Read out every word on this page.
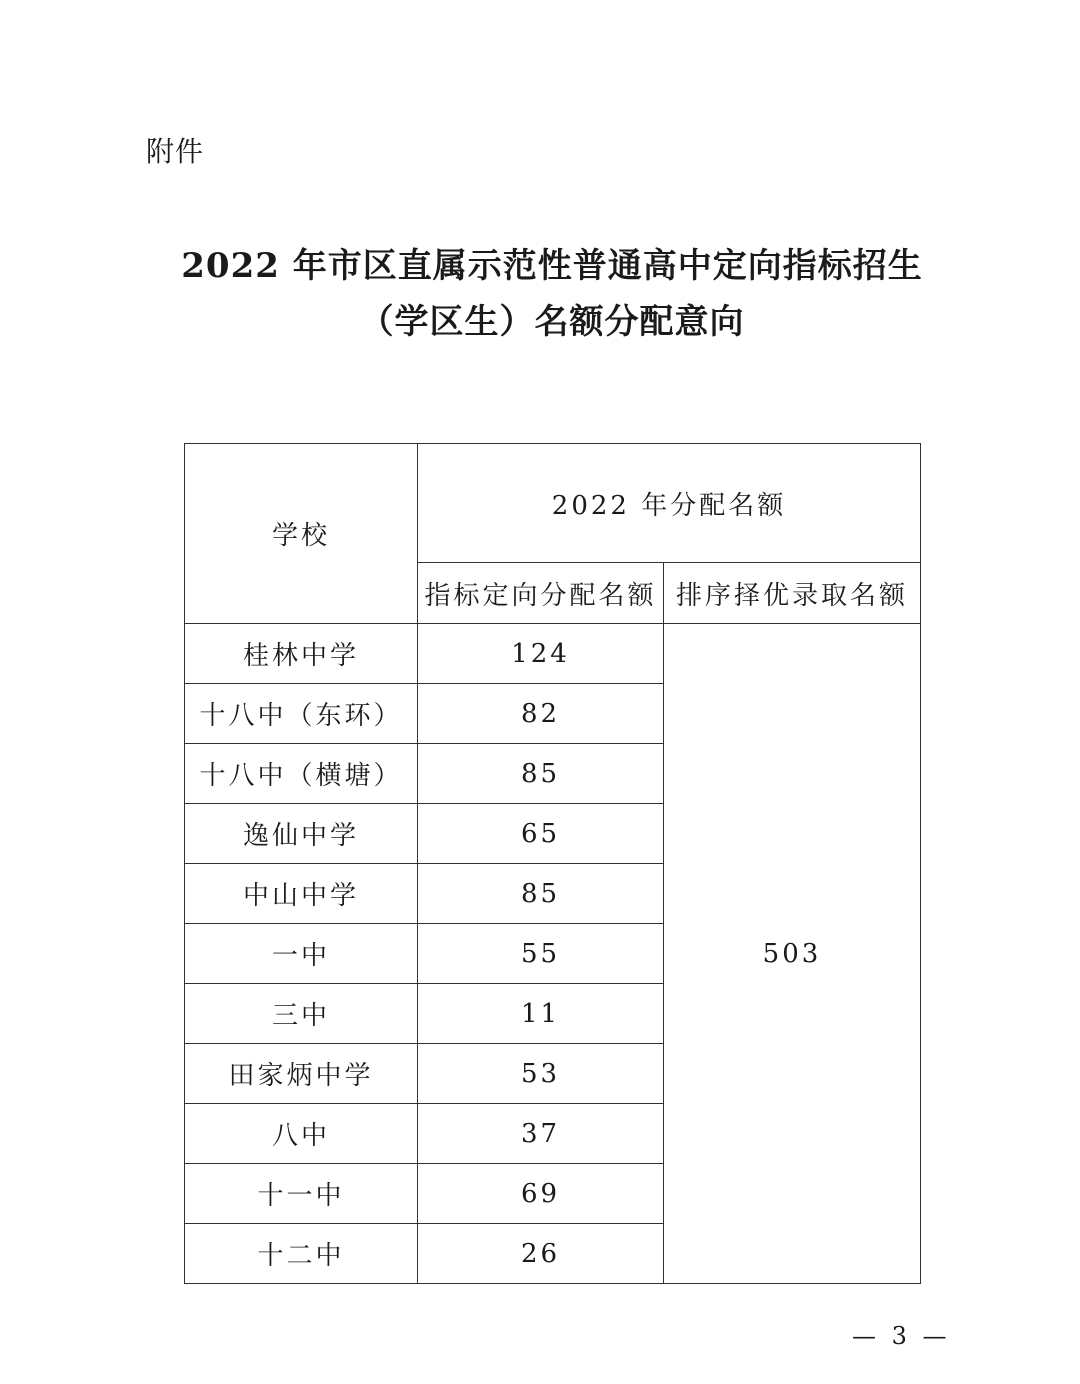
附件
2022 年市区直属示范性普通高中定向指标招生
（学区生）名额分配意向
学校	2022 年分配名额	
	指标定向分配名额	排序择优录取名额
桂林中学	124	503
十八中（东环）	82	
十八中（横塘）	85	
逸仙中学	65	
中山中学	85	
一中	55	
三中	11	
田家炳中学	53	
八中	37	
十一中	69	
十二中	26	
— 3 —
